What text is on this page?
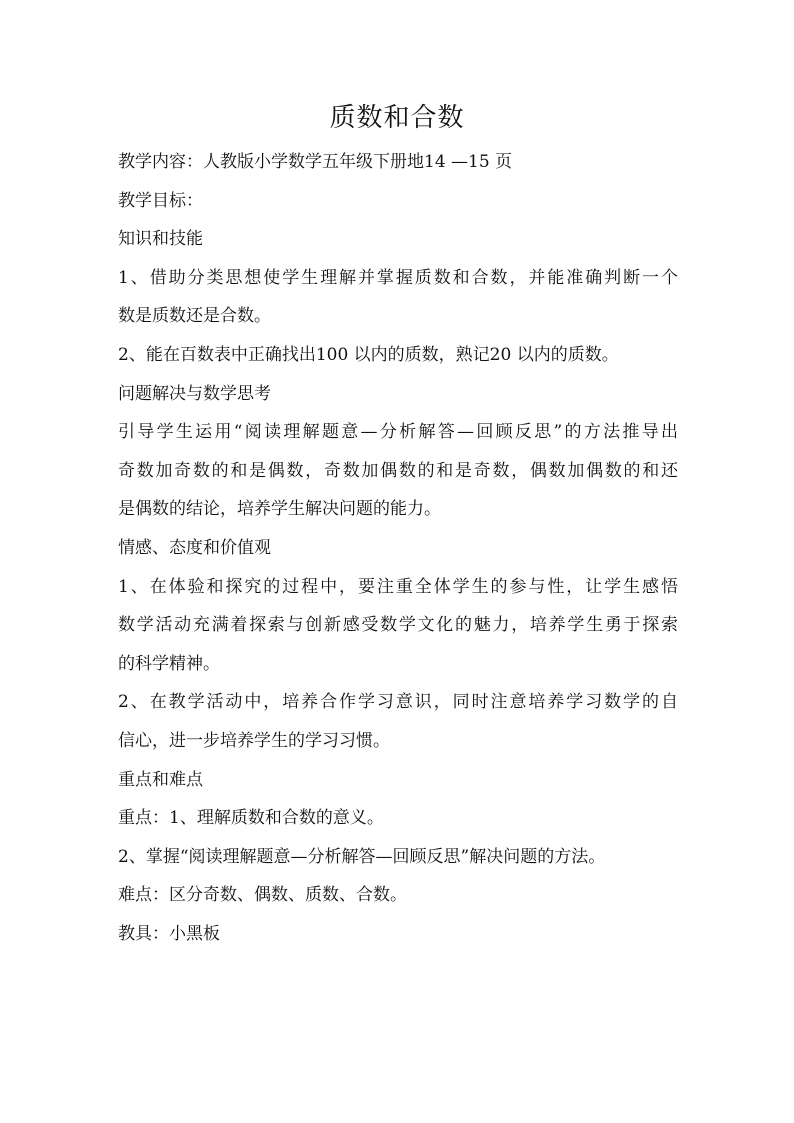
质数和合数
教学内容：人教版小学数学五年级下册地14 —15 页
教学目标：
知识和技能
1、借助分类思想使学生理解并掌握质数和合数，并能准确判断一个
数是质数还是合数。
2、能在百数表中正确找出100 以内的质数，熟记20 以内的质数。
问题解决与数学思考
引导学生运用“阅读理解题意—分析解答—回顾反思”的方法推导出
奇数加奇数的和是偶数，奇数加偶数的和是奇数，偶数加偶数的和还
是偶数的结论，培养学生解决问题的能力。
情感、态度和价值观
1、在体验和探究的过程中，要注重全体学生的参与性，让学生感悟
数学活动充满着探索与创新感受数学文化的魅力，培养学生勇于探索
的科学精神。
2、在教学活动中，培养合作学习意识，同时注意培养学习数学的自
信心，进一步培养学生的学习习惯。
重点和难点
重点：1、理解质数和合数的意义。
2、掌握“阅读理解题意—分析解答—回顾反思”解决问题的方法。
难点：区分奇数、偶数、质数、合数。
教具：小黑板
